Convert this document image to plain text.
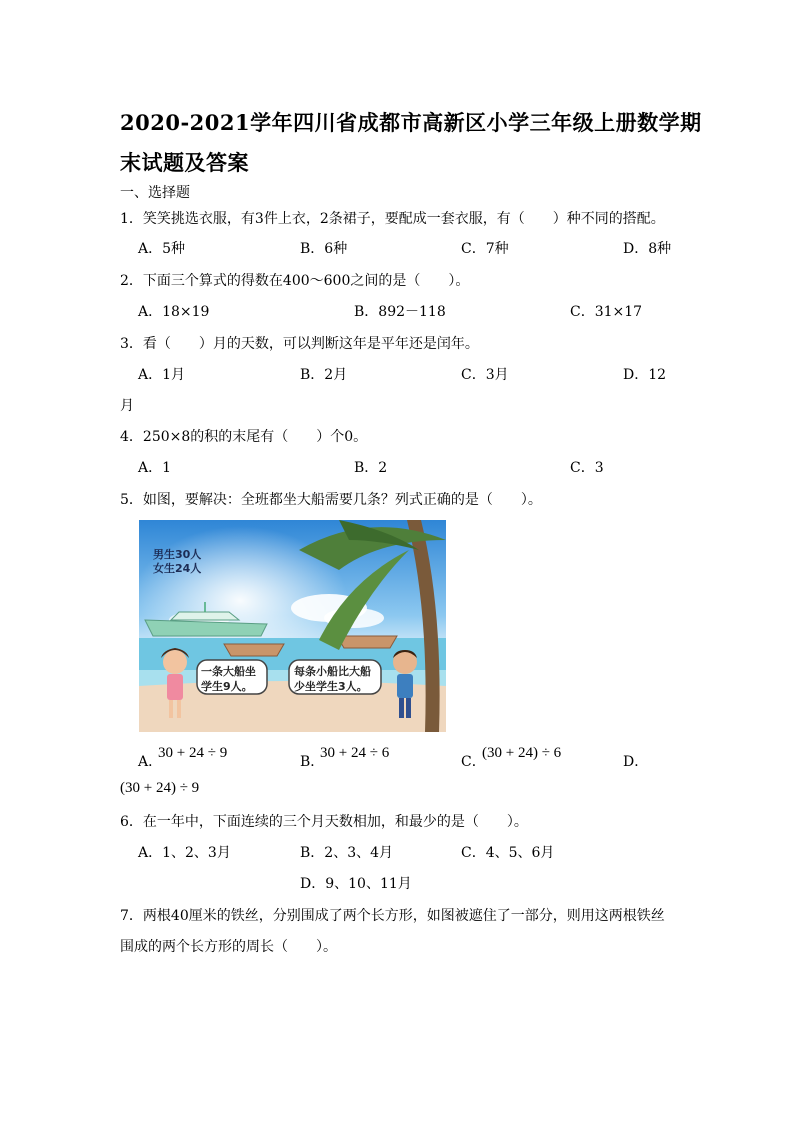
2020-2021学年四川省成都市高新区小学三年级上册数学期
末试题及答案
一、选择题
1．笑笑挑选衣服，有3件上衣，2条裙子，要配成一套衣服，有（　　）种不同的搭配。
A．5种	B．6种	C．7种	D．8种
2．下面三个算式的得数在400～600之间的是（　　）。
A．18×19	B．892－118	C．31×17
3．看（　　）月的天数，可以判断这年是平年还是闰年。
A．1月	B．2月	C．3月	D．12
月
4．250×8的积的末尾有（　　）个0。
A．1	B．2	C．3
5．如图，要解决：全班都坐大船需要几条？列式正确的是（　　）。
男生30人
女生24人
一条大船坐
学生9人。
每条小船比大船
少坐学生3人。
A．
30 + 24 ÷ 9
B．
30 + 24 ÷ 6
C．
(30 + 24) ÷ 6
D．
(30 + 24) ÷ 9
6．在一年中，下面连续的三个月天数相加，和最少的是（　　）。
A．1、2、3月	B．2、3、4月	C．4、5、6月
D．9、10、11月
7．两根40厘米的铁丝，分别围成了两个长方形，如图被遮住了一部分，则用这两根铁丝
围成的两个长方形的周长（　　）。
